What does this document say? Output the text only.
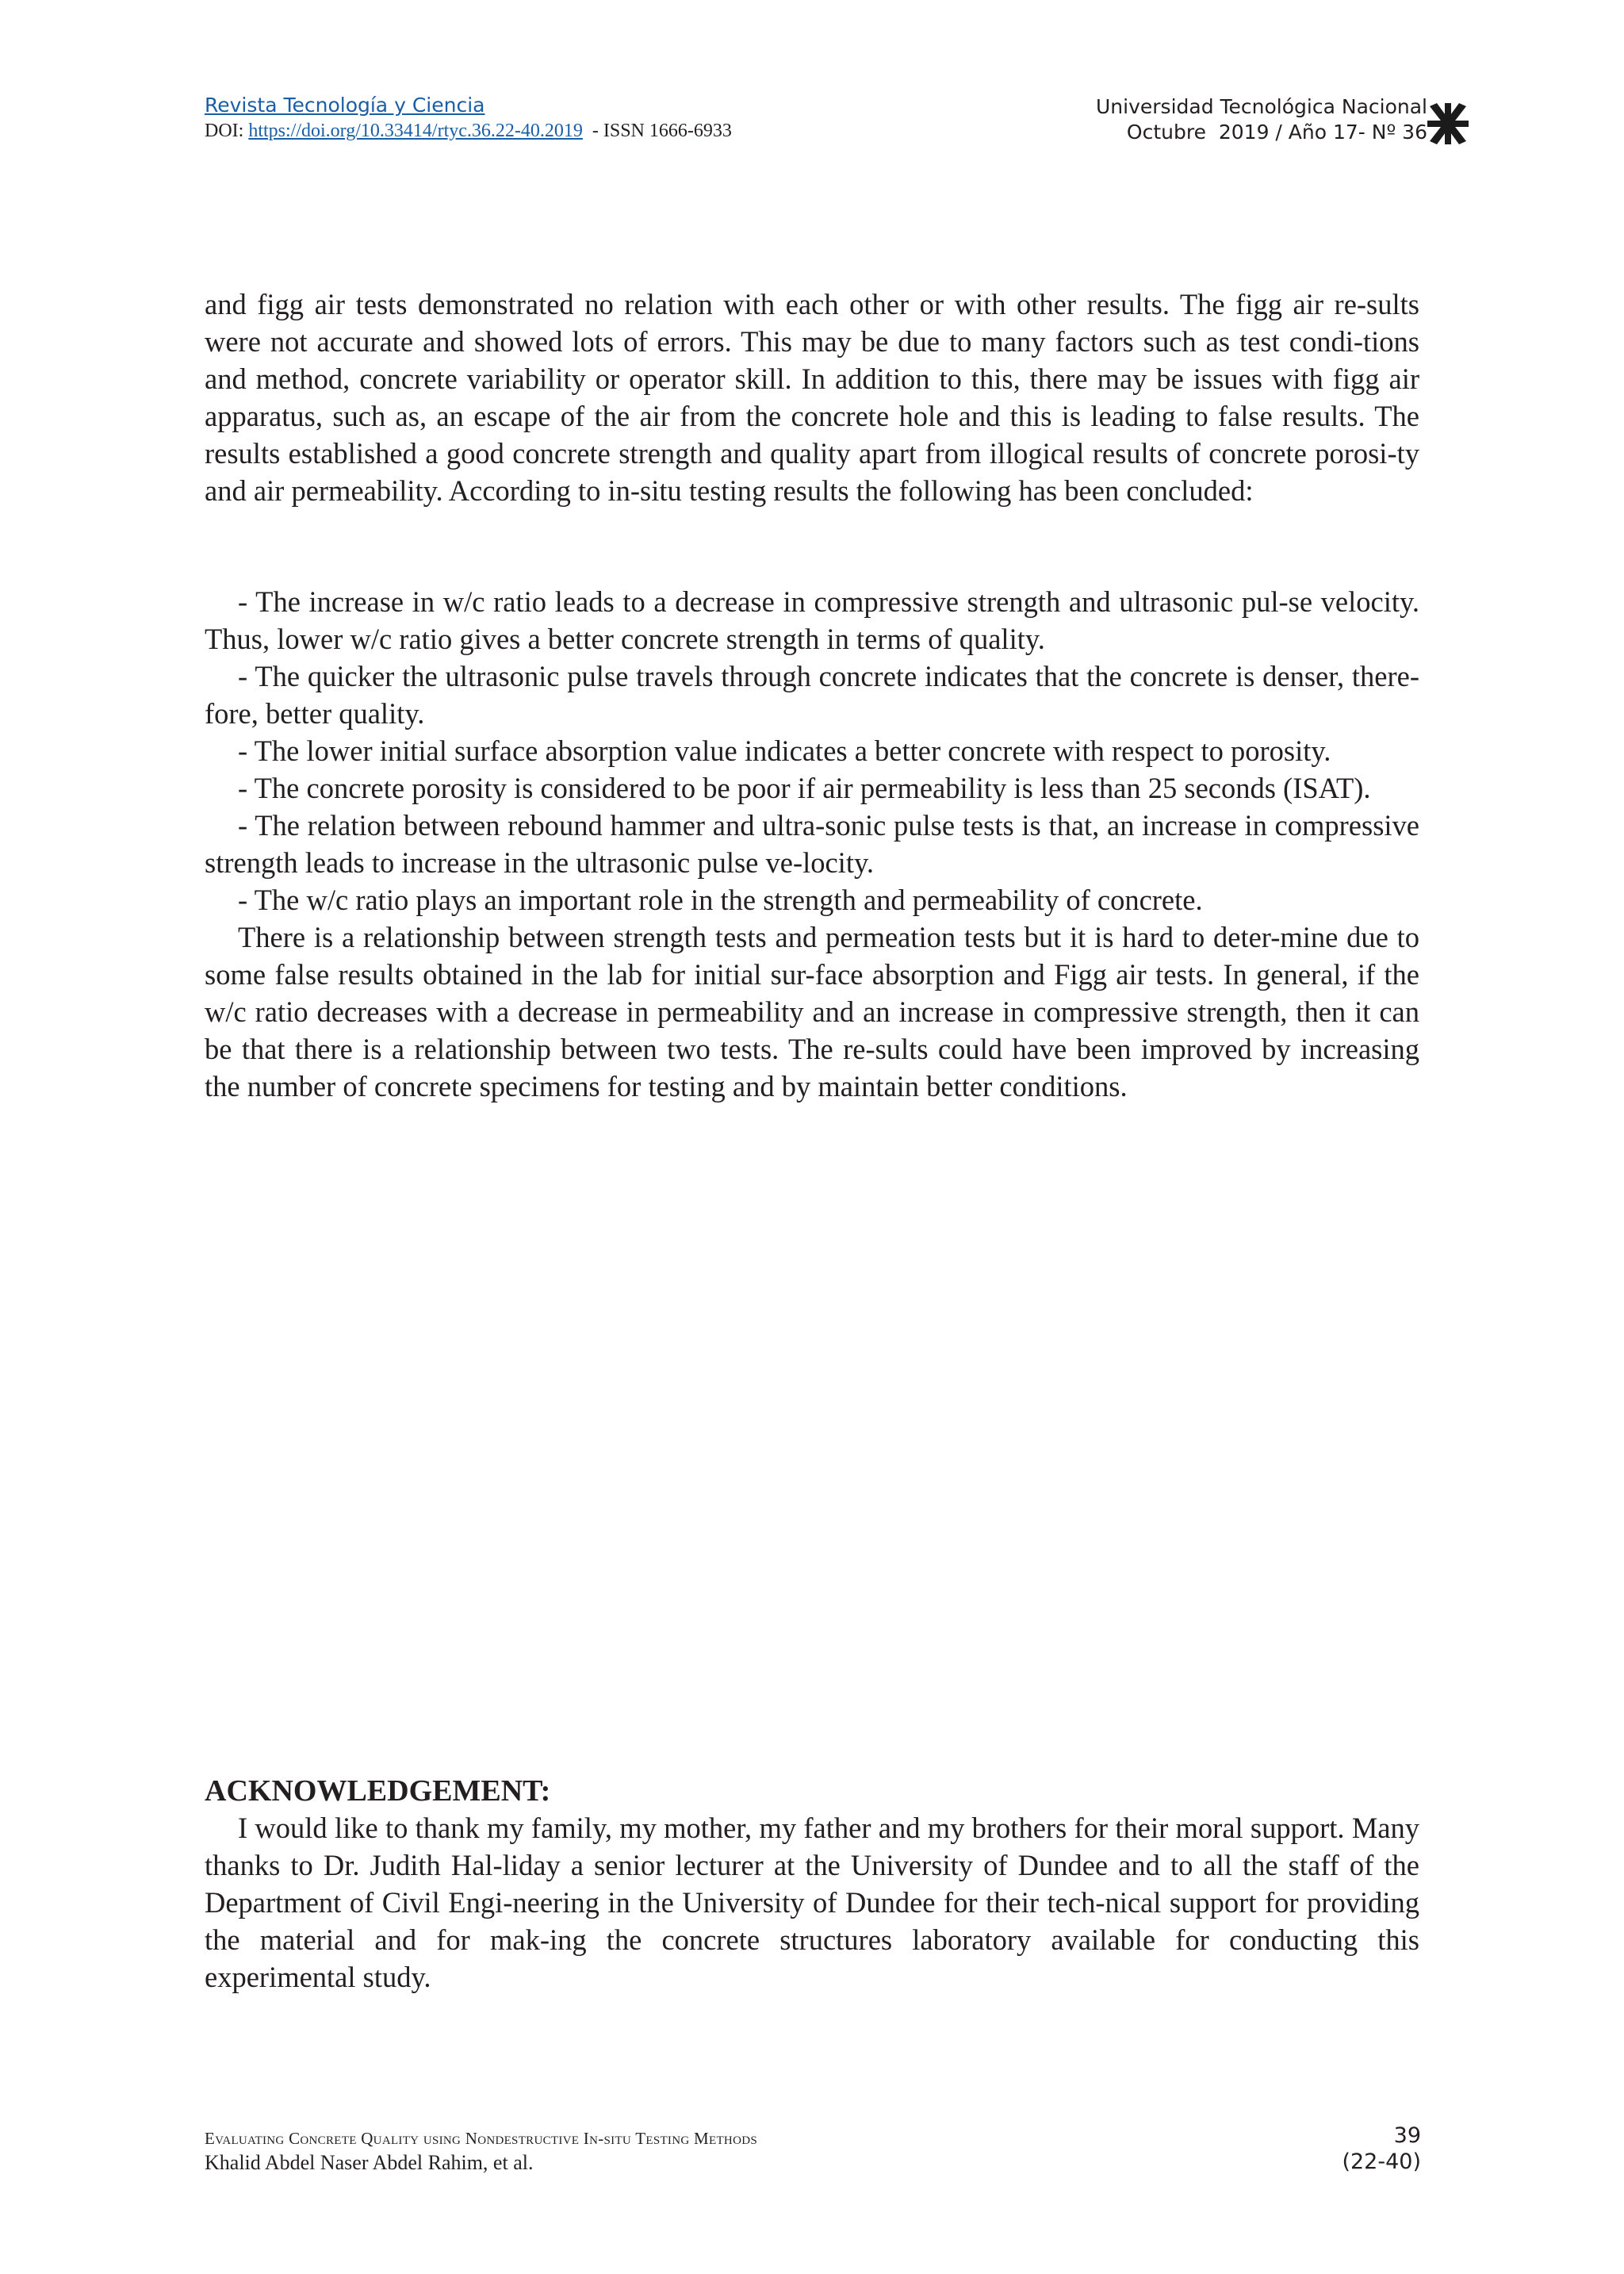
Revista Tecnología y Ciencia
DOI: https://doi.org/10.33414/rtyc.36.22-40.2019  - ISSN 1666-6933
Universidad Tecnológica Nacional
Octubre  2019 / Año 17- Nº 36

and figg air tests demonstrated no relation with each other or with other results. The figg air re-sults were not accurate and showed lots of errors. This may be due to many factors such as test condi-tions and method, concrete variability or operator skill. In addition to this, there may be issues with figg air apparatus, such as, an escape of the air from the concrete hole and this is leading to false results. The results established a good concrete strength and quality apart from illogical results of concrete porosi-ty and air permeability. According to in-situ testing results the following has been concluded:

- The increase in w/c ratio leads to a decrease in compressive strength and ultrasonic pul-se velocity. Thus, lower w/c ratio gives a better concrete strength in terms of quality.

- The quicker the ultrasonic pulse travels through concrete indicates that the concrete is denser, there-fore, better quality.

- The lower initial surface absorption value indicates a better concrete with respect to porosity.

- The concrete porosity is considered to be poor if air permeability is less than 25 seconds (ISAT).

- The relation between rebound hammer and ultra-sonic pulse tests is that, an increase in compressive strength leads to increase in the ultrasonic pulse ve-locity.

- The w/c ratio plays an important role in the strength and permeability of concrete.

There is a relationship between strength tests and permeation tests but it is hard to deter-mine due to some false results obtained in the lab for initial sur-face absorption and Figg air tests. In general, if the w/c ratio decreases with a decrease in permeability and an increase in compressive strength, then it can be that there is a relationship between two tests. The re-sults could have been improved by increasing the number of concrete specimens for testing and by maintain better conditions.

ACKNOWLEDGEMENT:

I would like to thank my family, my mother, my father and my brothers for their moral support. Many thanks to Dr. Judith Hal-liday a senior lecturer at the University of Dundee and to all the staff of the Department of Civil Engi-neering in the University of Dundee for their tech-nical support for providing the material and for mak-ing the concrete structures laboratory available for conducting this experimental study.

Evaluating Concrete Quality using Nondestructive In-situ Testing Methods
Khalid Abdel Naser Abdel Rahim, et al.
39
(22-40)
